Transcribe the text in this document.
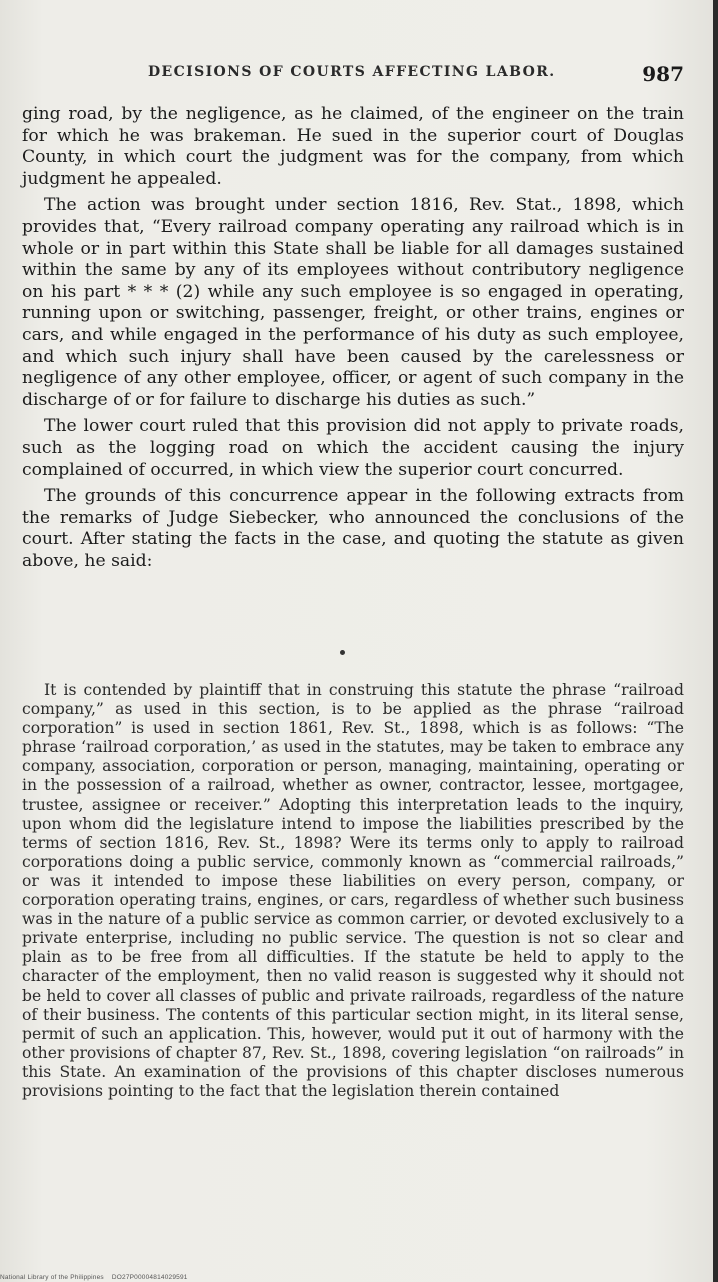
DECISIONS OF COURTS AFFECTING LABOR.	987

ging road, by the negligence, as he claimed, of the engineer on the train for which he was brakeman. He sued in the superior court of Douglas County, in which court the judgment was for the company, from which judgment he appealed.

The action was brought under section 1816, Rev. Stat., 1898, which provides that, “Every railroad company operating any railroad which is in whole or in part within this State shall be liable for all damages sustained within the same by any of its employees without contributory negligence on his part * * * (2) while any such employee is so engaged in operating, running upon or switching, passenger, freight, or other trains, engines or cars, and while engaged in the performance of his duty as such employee, and which such injury shall have been caused by the carelessness or negligence of any other employee, officer, or agent of such company in the discharge of or for failure to discharge his duties as such.”

The lower court ruled that this provision did not apply to private roads, such as the logging road on which the accident causing the injury complained of occurred, in which view the superior court concurred.

The grounds of this concurrence appear in the following extracts from the remarks of Judge Siebecker, who announced the conclusions of the court. After stating the facts in the case, and quoting the statute as given above, he said:

It is contended by plaintiff that in construing this statute the phrase “railroad company,” as used in this section, is to be applied as the phrase “railroad corporation” is used in section 1861, Rev. St., 1898, which is as follows: “The phrase ‘railroad corporation,’ as used in the statutes, may be taken to embrace any company, association, corporation or person, managing, maintaining, operating or in the possession of a railroad, whether as owner, contractor, lessee, mortgagee, trustee, assignee or receiver.” Adopting this interpretation leads to the inquiry, upon whom did the legislature intend to impose the liabilities prescribed by the terms of section 1816, Rev. St., 1898? Were its terms only to apply to railroad corporations doing a public service, commonly known as “commercial railroads,” or was it intended to impose these liabilities on every person, company, or corporation operating trains, engines, or cars, regardless of whether such business was in the nature of a public service as common carrier, or devoted exclusively to a private enterprise, including no public service. The question is not so clear and plain as to be free from all difficulties. If the statute be held to apply to the character of the employment, then no valid reason is suggested why it should not be held to cover all classes of public and private railroads, regardless of the nature of their business. The contents of this particular section might, in its literal sense, permit of such an application. This, however, would put it out of harmony with the other provisions of chapter 87, Rev. St., 1898, covering legislation “on railroads” in this State. An examination of the provisions of this chapter discloses numerous provisions pointing to the fact that the legislation therein contained
National Library of the Philippines DO27P00004814029591
